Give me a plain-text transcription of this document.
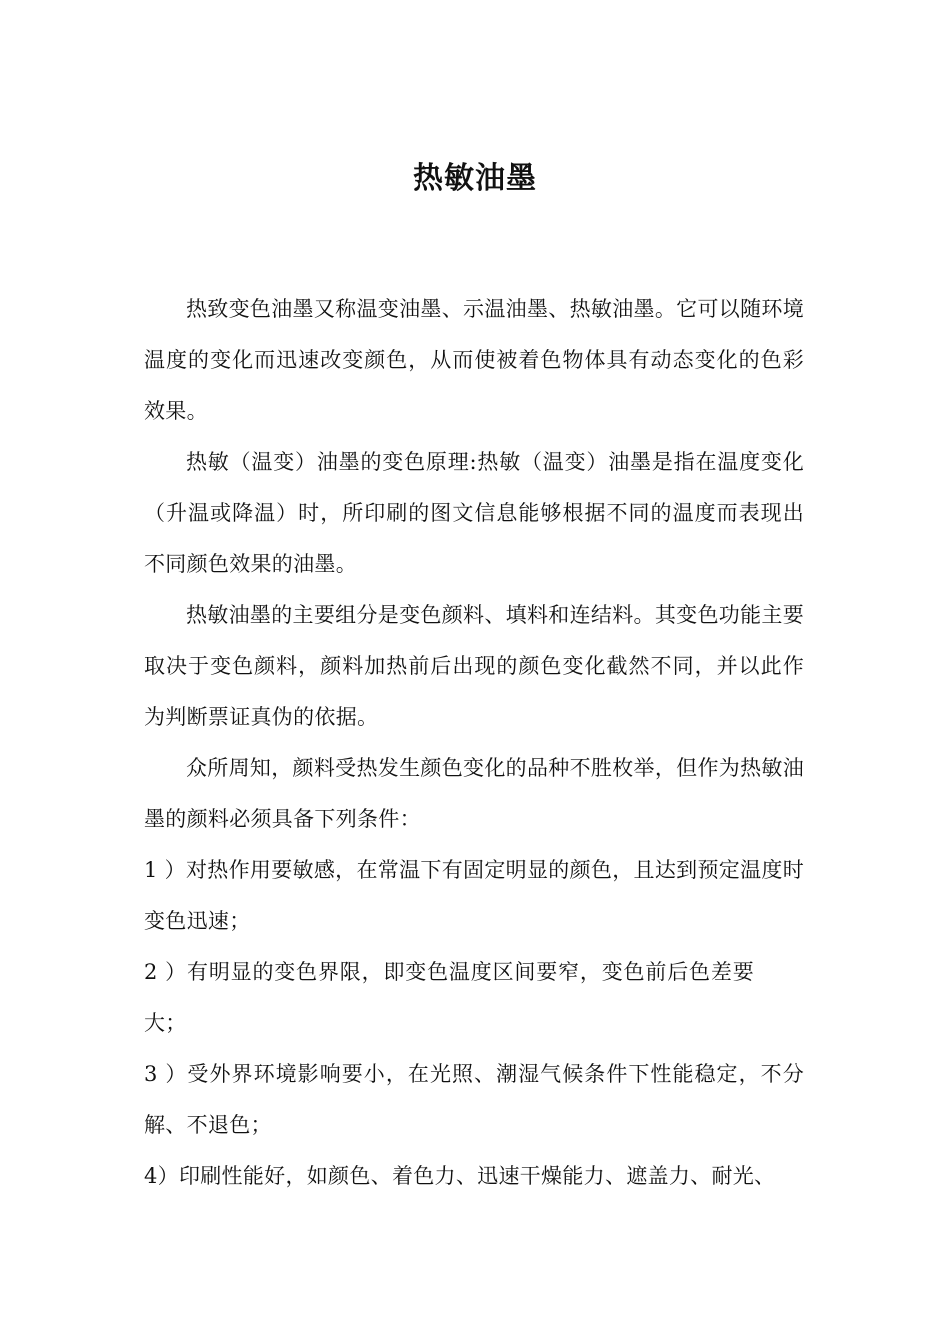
热敏油墨

热致变色油墨又称温变油墨、示温油墨、热敏油墨。它可以随环境温度的变化而迅速改变颜色，从而使被着色物体具有动态变化的色彩效果。

热敏（温变）油墨的变色原理:热敏（温变）油墨是指在温度变化（升温或降温）时，所印刷的图文信息能够根据不同的温度而表现出不同颜色效果的油墨。

热敏油墨的主要组分是变色颜料、填料和连结料。其变色功能主要取决于变色颜料，颜料加热前后出现的颜色变化截然不同，并以此作为判断票证真伪的依据。

众所周知，颜料受热发生颜色变化的品种不胜枚举，但作为热敏油墨的颜料必须具备下列条件：

1 ）对热作用要敏感，在常温下有固定明显的颜色，且达到预定温度时变色迅速；

2 ）有明显的变色界限，即变色温度区间要窄，变色前后色差要大；

3 ）受外界环境影响要小，在光照、潮湿气候条件下性能稳定，不分解、不退色；

4）印刷性能好，如颜色、着色力、迅速干燥能力、遮盖力、耐光、
